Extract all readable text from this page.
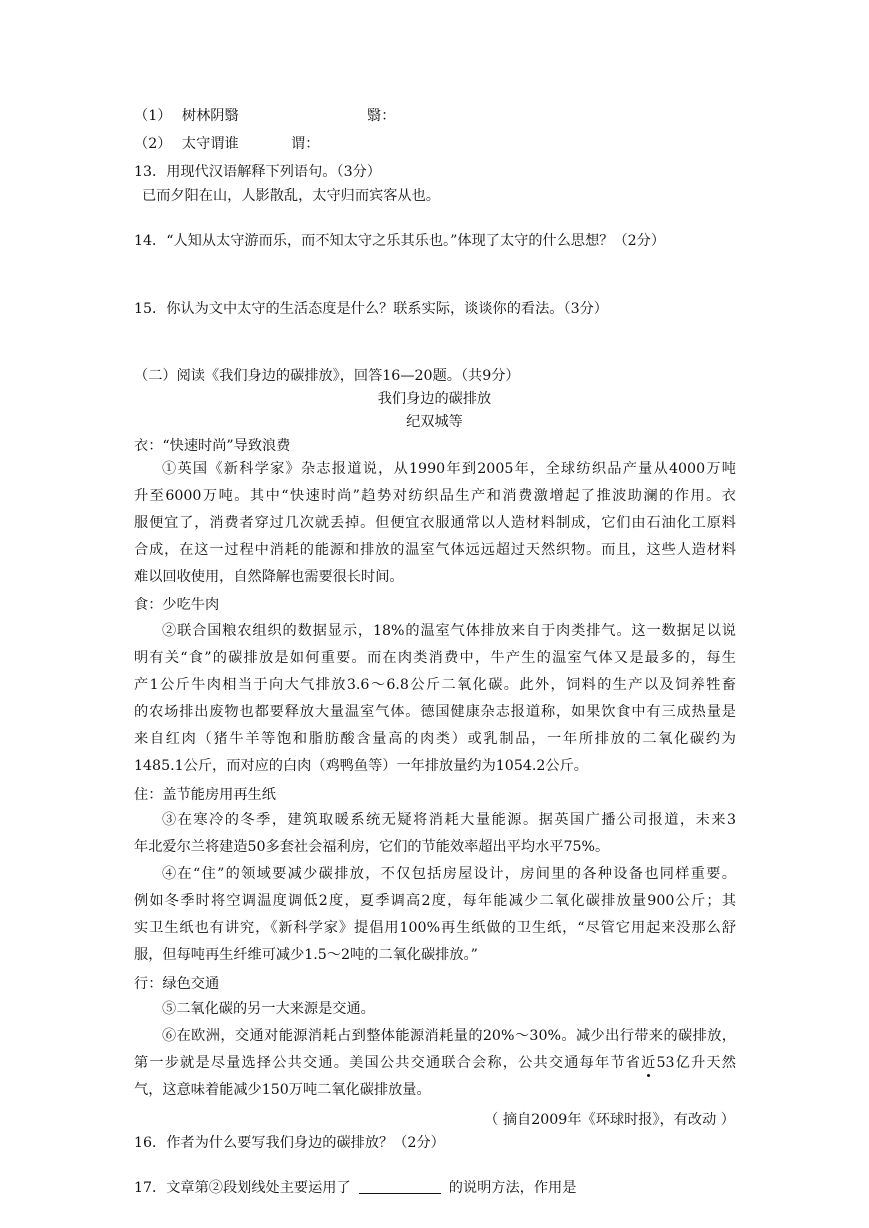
（1） 树林阴翳	翳：
（2） 太守谓谁	谓：
13．用现代汉语解释下列语句。（3分）
已而夕阳在山，人影散乱，太守归而宾客从也。
14．“人知从太守游而乐，而不知太守之乐其乐也。”体现了太守的什么思想？（2分）
15．你认为文中太守的生活态度是什么？联系实际，谈谈你的看法。（3分）
（二）阅读《我们身边的碳排放》，回答16—20题。（共9分）
我们身边的碳排放
纪双城等
衣：“快速时尚”导致浪费
①英国《新科学家》杂志报道说，从1990年到2005年，全球纺织品产量从4000万吨
升至6000万吨。其中“快速时尚”趋势对纺织品生产和消费激增起了推波助澜的作用。衣
服便宜了，消费者穿过几次就丢掉。但便宜衣服通常以人造材料制成，它们由石油化工原料
合成，在这一过程中消耗的能源和排放的温室气体远远超过天然织物。而且，这些人造材料
难以回收使用，自然降解也需要很长时间。
食：少吃牛肉
②联合国粮农组织的数据显示，18%的温室气体排放来自于肉类排气。这一数据足以说
明有关“食”的碳排放是如何重要。而在肉类消费中，牛产生的温室气体又是最多的，每生
产1公斤牛肉相当于向大气排放3.6～6.8公斤二氧化碳。此外，饲料的生产以及饲养牲畜
的农场排出废物也都要释放大量温室气体。德国健康杂志报道称，如果饮食中有三成热量是
来自红肉（猪牛羊等饱和脂肪酸含量高的肉类）或乳制品，一年所排放的二氧化碳约为
1485.1公斤，而对应的白肉（鸡鸭鱼等）一年排放量约为1054.2公斤。
住：盖节能房用再生纸
③在寒冷的冬季，建筑取暖系统无疑将消耗大量能源。据英国广播公司报道，未来3
年北爱尔兰将建造50多套社会福利房，它们的节能效率超出平均水平75%。
④在“住”的领域要减少碳排放，不仅包括房屋设计，房间里的各种设备也同样重要。
例如冬季时将空调温度调低2度，夏季调高2度，每年能减少二氧化碳排放量900公斤；其
实卫生纸也有讲究，《新科学家》提倡用100%再生纸做的卫生纸，“尽管它用起来没那么舒
服，但每吨再生纤维可减少1.5～2吨的二氧化碳排放。”
行：绿色交通
⑤二氧化碳的另一大来源是交通。
⑥在欧洲，交通对能源消耗占到整体能源消耗量的20%～30%。减少出行带来的碳排放，
第一步就是尽量选择公共交通。美国公共交通联合会称，公共交通每年节省近53亿升天然
气，这意味着能减少150万吨二氧化碳排放量。
（ 摘自2009年《环球时报》，有改动 ）
16．作者为什么要写我们身边的碳排放？（2分）
17．文章第②段划线处主要运用了	的说明方法，作用是
